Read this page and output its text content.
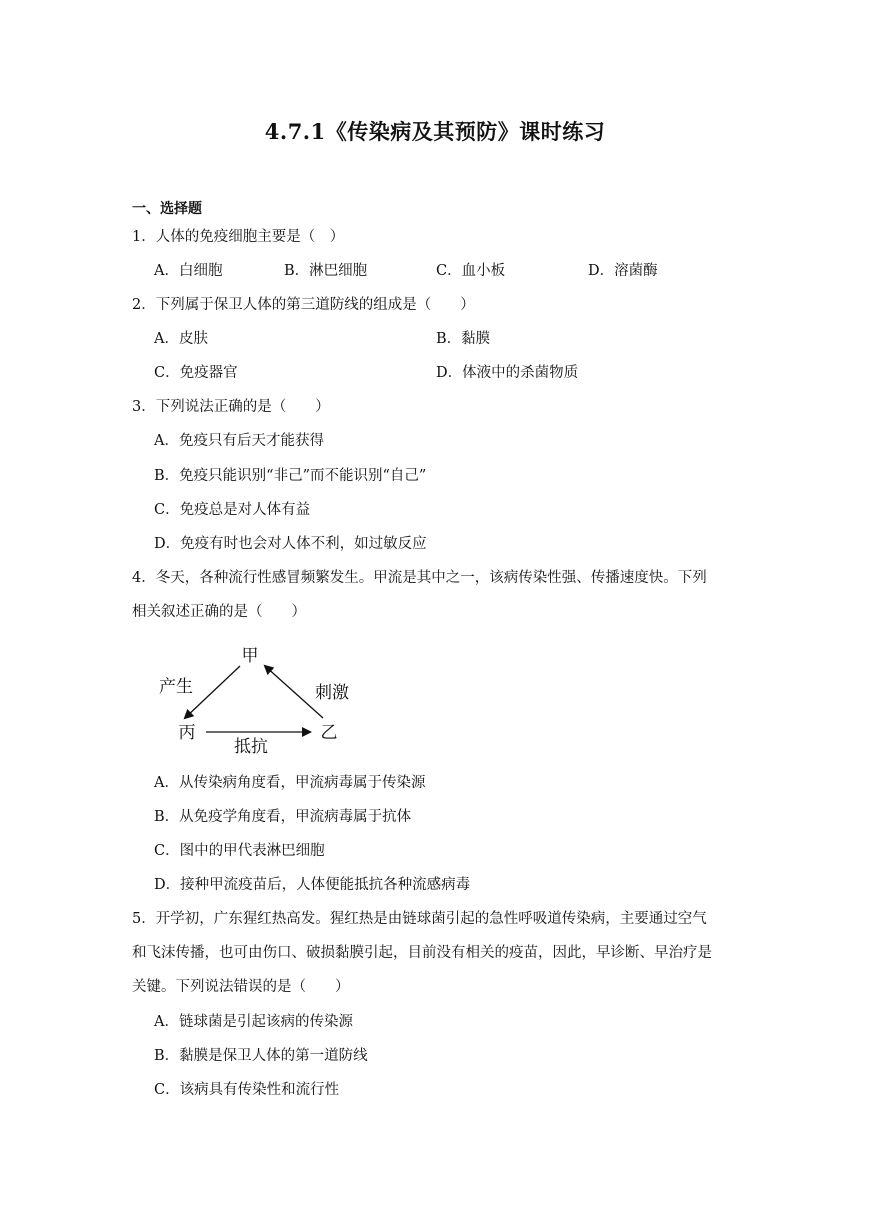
4.7.1《传染病及其预防》课时练习
一、选择题
1．人体的免疫细胞主要是（　）
A．白细胞	B．淋巴细胞	C．血小板	D．溶菌酶
2．下列属于保卫人体的第三道防线的组成是（　　）
A．皮肤	B．黏膜
C．免疫器官	D．体液中的杀菌物质
3．下列说法正确的是（　　）
A．免疫只有后天才能获得
B．免疫只能识别“非己”而不能识别“自己”
C．免疫总是对人体有益
D．免疫有时也会对人体不利，如过敏反应
4．冬天，各种流行性感冒频繁发生。甲流是其中之一，该病传染性强、传播速度快。下列
相关叙述正确的是（　　）
甲
丙	乙
产生	刺激
抵抗
A．从传染病角度看，甲流病毒属于传染源
B．从免疫学角度看，甲流病毒属于抗体
C．图中的甲代表淋巴细胞
D．接种甲流疫苗后，人体便能抵抗各种流感病毒
5．开学初，广东猩红热高发。猩红热是由链球菌引起的急性呼吸道传染病，主要通过空气
和飞沫传播，也可由伤口、破损黏膜引起，目前没有相关的疫苗，因此，早诊断、早治疗是
关键。下列说法错误的是（　　）
A．链球菌是引起该病的传染源
B．黏膜是保卫人体的第一道防线
C．该病具有传染性和流行性
